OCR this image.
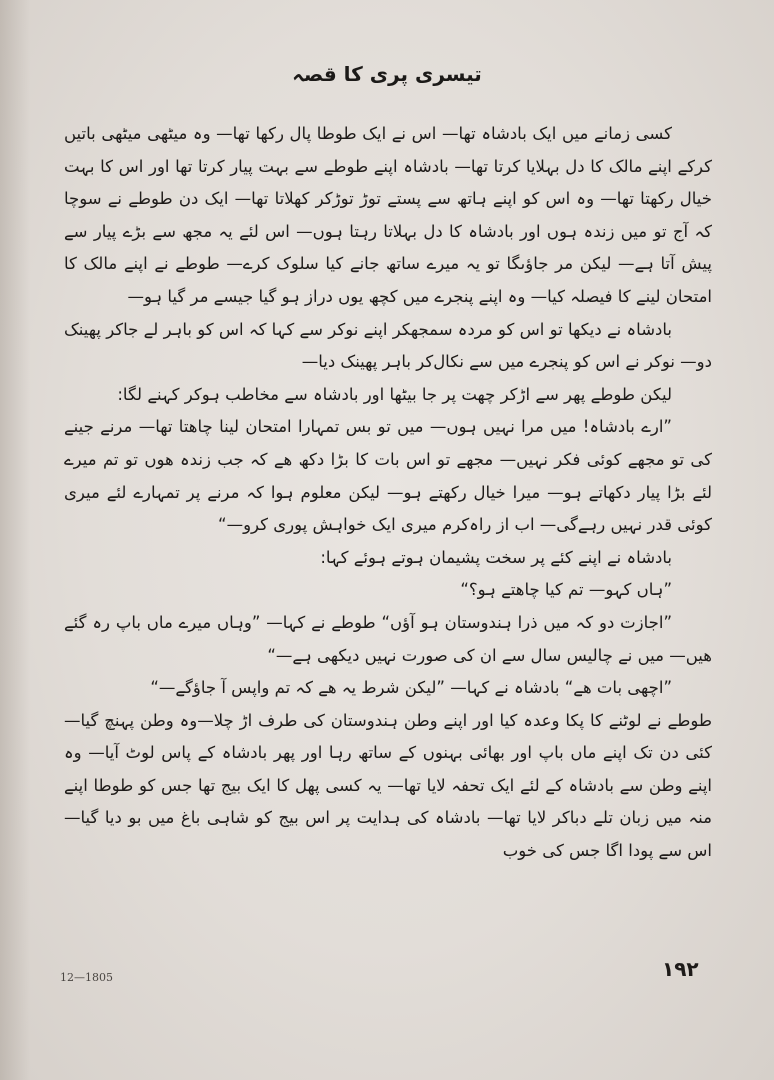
تیسری پری کا قصہ

کسی زمانے میں ایک بادشاہ تھا— اس نے ایک طوطا پال رکھا تھا— وہ میٹھی میٹھی باتیں کرکے اپنے مالک کا دل بہلایا کرتا تھا— بادشاہ اپنے طوطے سے بہت پیار کرتا تھا اور اس کا بہت خیال رکھتا تھا— وہ اس کو اپنے ہاتھ سے پستے توڑ توڑکر کھلاتا تھا— ایک دن طوطے نے سوچا کہ آج تو میں زندہ ہوں اور بادشاہ کا دل بہلاتا رہتا ہوں— اس لئے یہ مجھ سے بڑے پیار سے پیش آتا ہے— لیکن مر جاؤںگا تو یہ میرے ساتھ جانے کیا سلوک کرے— طوطے نے اپنے مالک کا امتحان لینے کا فیصلہ کیا— وہ اپنے پنجرے میں کچھ یوں دراز ہو گیا جیسے مر گیا ہو—

بادشاہ نے دیکھا تو اس کو مردہ سمجھکر اپنے نوکر سے کہا کہ اس کو باہر لے جاکر پھینک دو— نوکر نے اس کو پنجرے میں سے نکال‌کر باہر پھینک دیا—

لیکن طوطے پھر سے اڑکر چھت پر جا بیٹھا اور بادشاہ سے مخاطب ہوکر کہنے لگا:

”ارے بادشاہ! میں مرا نہیں ہوں— میں تو بس تمہارا امتحان لینا چاھتا تھا— مرنے جینے کی تو مجھے کوئی فکر نہیں— مجھے تو اس بات کا بڑا دکھ ھے کہ جب زندہ ھوں تو تم میرے لئے بڑا پیار دکھاتے ہو— میرا خیال رکھتے ہو— لیکن معلوم ہوا کہ مرنے پر تمہارے لئے میری کوئی قدر نہیں رہےگی— اب از راہ‌کرم میری ایک خواہش پوری کرو—“

بادشاہ نے اپنے کئے پر سخت پشیمان ہوتے ہوئے کہا:

”ہاں کہو— تم کیا چاھتے ہو؟“

”اجازت دو کہ میں ذرا ہندوستان ہو آؤں“ طوطے نے کہا— ”وہاں میرے ماں باپ رہ گئے ھیں— میں نے چالیس سال سے ان کی صورت نہیں دیکھی ہے—“

”اچھی بات ھے“ بادشاہ نے کہا— ”لیکن شرط یہ ھے کہ تم واپس آ جاؤگے—“

طوطے نے لوٹنے کا پکا وعدہ کیا اور اپنے وطن ہندوستان کی طرف اڑ چلا—وہ وطن پہنچ گیا— کئی دن تک اپنے ماں باپ اور بھائی بہنوں کے ساتھ رہا اور پھر بادشاہ کے پاس لوٹ آیا— وہ اپنے وطن سے بادشاہ کے لئے ایک تحفہ لایا تھا— یہ کسی پھل کا ایک بیج تھا جس کو طوطا اپنے منہ میں زبان تلے دباکر لایا تھا— بادشاہ کی ہدایت پر اس بیج کو شاہی باغ میں بو دیا گیا— اس سے پودا اگا جس کی خوب

۱۹۲
12—1805
